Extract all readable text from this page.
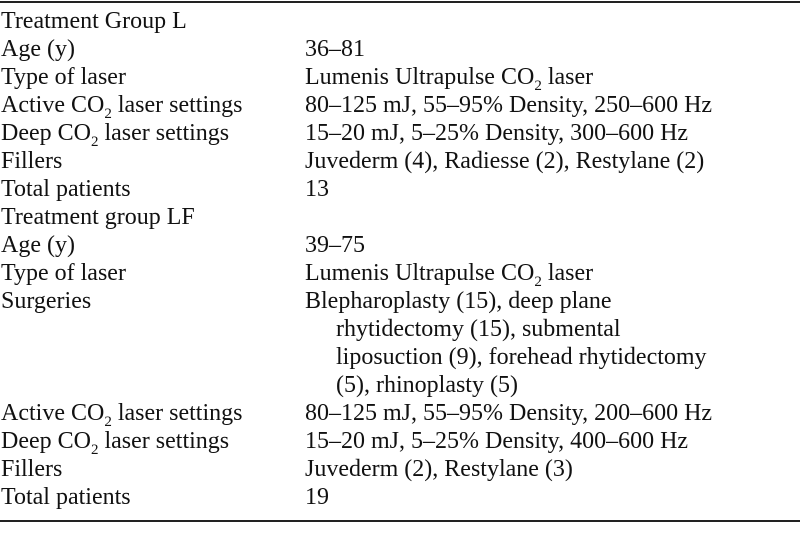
Treatment Group L
Age (y)	36–81
Type of laser	Lumenis Ultrapulse $CO_2$ laser
Active $CO_2$ laser settings	80–125 mJ, 55–95% Density, 250–600 Hz
Deep $CO_2$ laser settings	15–20 mJ, 5–25% Density, 300–600 Hz
Fillers	Juvederm (4), Radiesse (2), Restylane (2)
Total patients	13
Treatment group LF
Age (y)	39–75
Type of laser	Lumenis Ultrapulse $CO_2$ laser
Surgeries	Blepharoplasty (15), deep plane
rhytidectomy (15), submental
liposuction (9), forehead rhytidectomy
(5), rhinoplasty (5)
Active $CO_2$ laser settings	80–125 mJ, 55–95% Density, 200–600 Hz
Deep $CO_2$ laser settings	15–20 mJ, 5–25% Density, 400–600 Hz
Fillers	Juvederm (2), Restylane (3)
Total patients	19
